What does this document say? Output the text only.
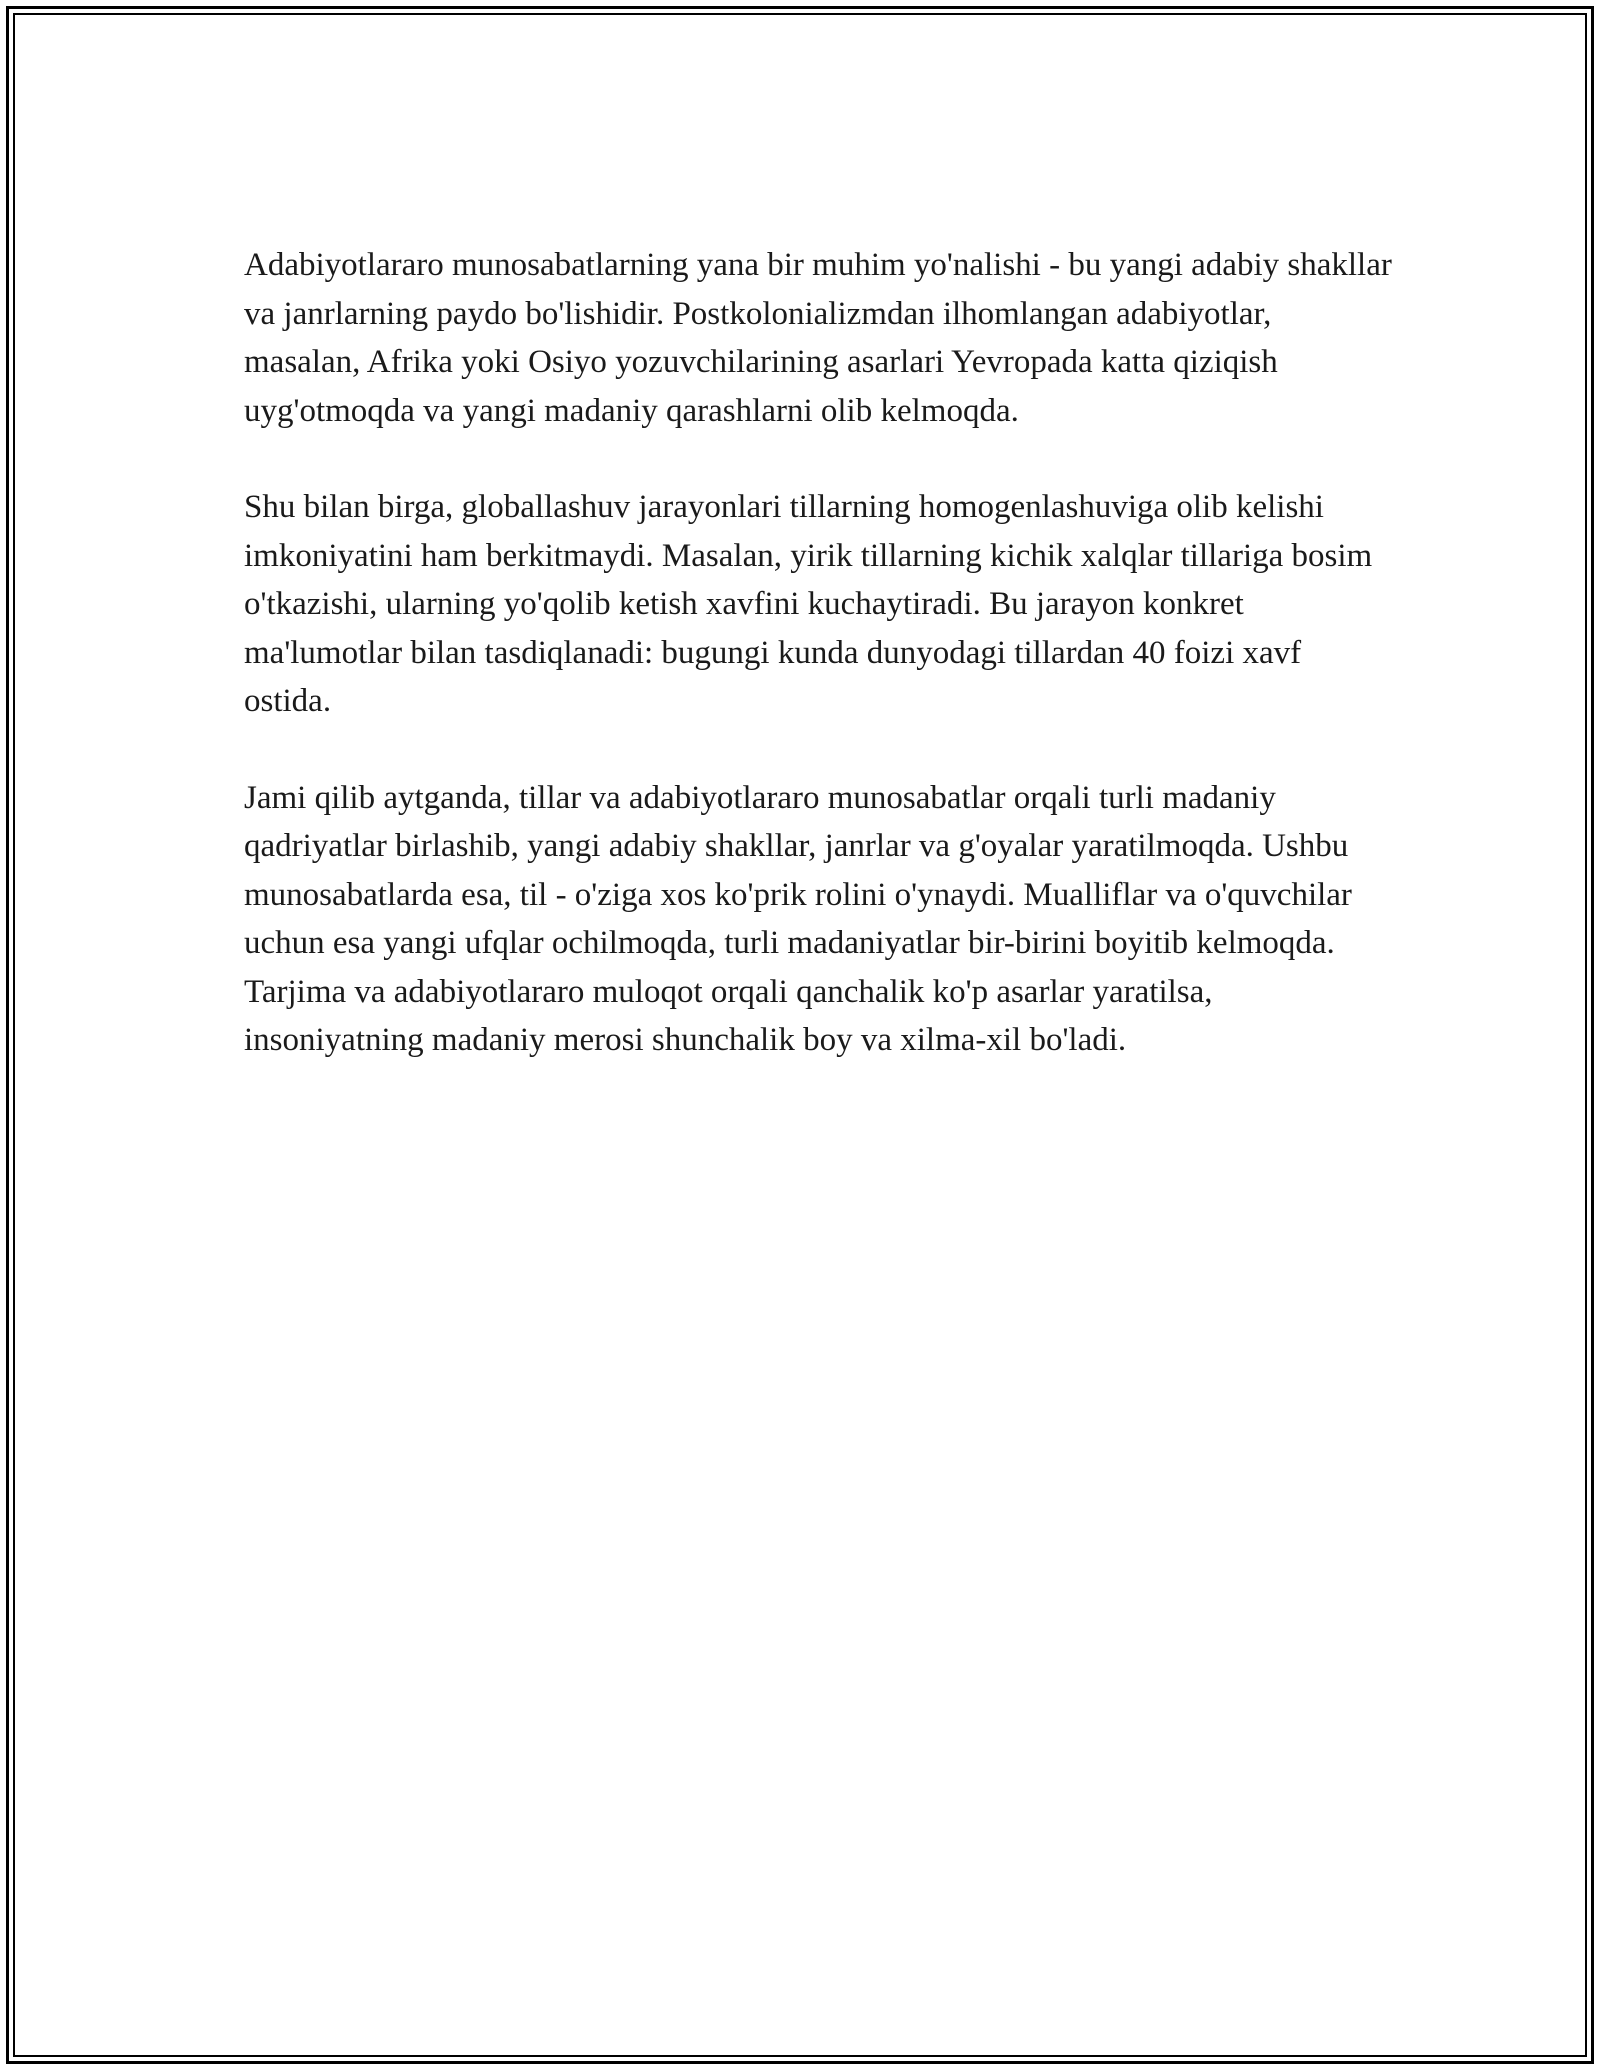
Adabiyotlararo munosabatlarning yana bir muhim yo'nalishi - bu yangi adabiy shakllar va janrlarning paydo bo'lishidir. Postkolonializmdan ilhomlangan adabiyotlar, masalan, Afrika yoki Osiyo yozuvchilarining asarlari Yevropada katta qiziqish uyg'otmoqda va yangi madaniy qarashlarni olib kelmoqda.

Shu bilan birga, globallashuv jarayonlari tillarning homogenlashuviga olib kelishi imkoniyatini ham berkitmaydi. Masalan, yirik tillarning kichik xalqlar tillariga bosim o'tkazishi, ularning yo'qolib ketish xavfini kuchaytiradi. Bu jarayon konkret ma'lumotlar bilan tasdiqlanadi: bugungi kunda dunyodagi tillardan 40 foizi xavf ostida.

Jami qilib aytganda, tillar va adabiyotlararo munosabatlar orqali turli madaniy qadriyatlar birlashib, yangi adabiy shakllar, janrlar va g'oyalar yaratilmoqda. Ushbu munosabatlarda esa, til - o'ziga xos ko'prik rolini o'ynaydi. Mualliflar va o'quvchilar uchun esa yangi ufqlar ochilmoqda, turli madaniyatlar bir-birini boyitib kelmoqda. Tarjima va adabiyotlararo muloqot orqali qanchalik ko'p asarlar yaratilsa, insoniyatning madaniy merosi shunchalik boy va xilma-xil bo'ladi.
